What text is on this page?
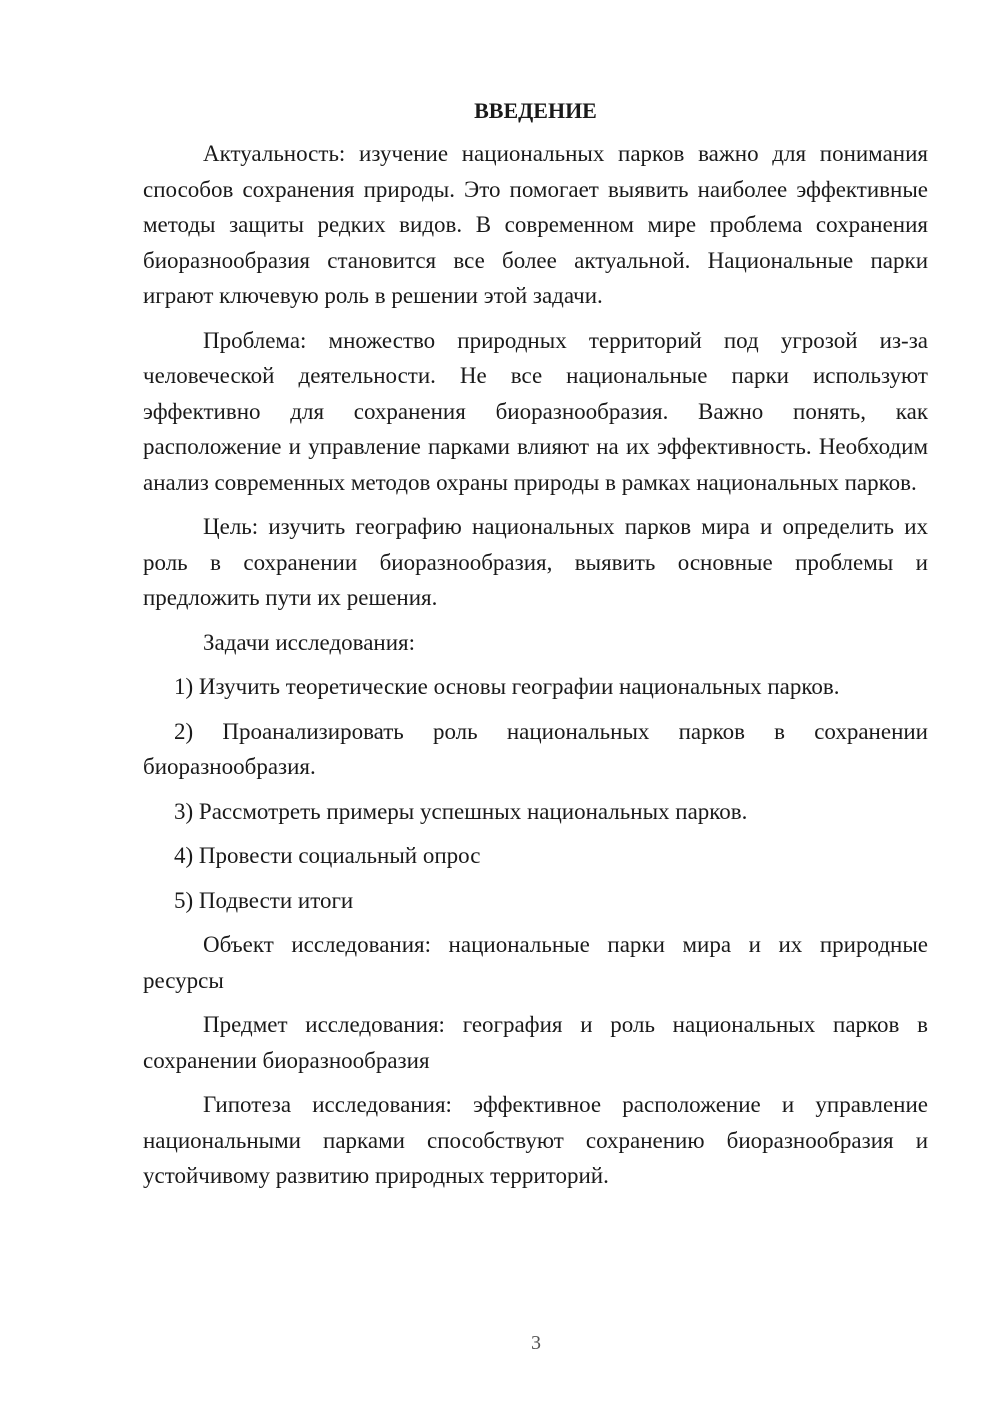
ВВЕДЕНИЕ

Актуальность: изучение национальных парков важно для понимания способов сохранения природы. Это помогает выявить наиболее эффективные методы защиты редких видов. В современном мире проблема сохранения биоразнообразия становится все более актуальной. Национальные парки играют ключевую роль в решении этой задачи.

Проблема: множество природных территорий под угрозой из-за человеческой деятельности. Не все национальные парки используют эффективно для сохранения биоразнообразия. Важно понять, как расположение и управление парками влияют на их эффективность. Необходим анализ современных методов охраны природы в рамках национальных парков.

Цель: изучить географию национальных парков мира и определить их роль в сохранении биоразнообразия, выявить основные проблемы и предложить пути их решения.

Задачи исследования:

1) Изучить теоретические основы географии национальных парков.

2) Проанализировать роль национальных парков в сохранении биоразнообразия.

3) Рассмотреть примеры успешных национальных парков.

4) Провести социальный опрос

5) Подвести итоги

Объект исследования: национальные парки мира и их природные ресурсы

Предмет исследования: география и роль национальных парков в сохранении биоразнообразия

Гипотеза исследования: эффективное расположение и управление национальными парками способствуют сохранению биоразнообразия и устойчивому развитию природных территорий.

3
